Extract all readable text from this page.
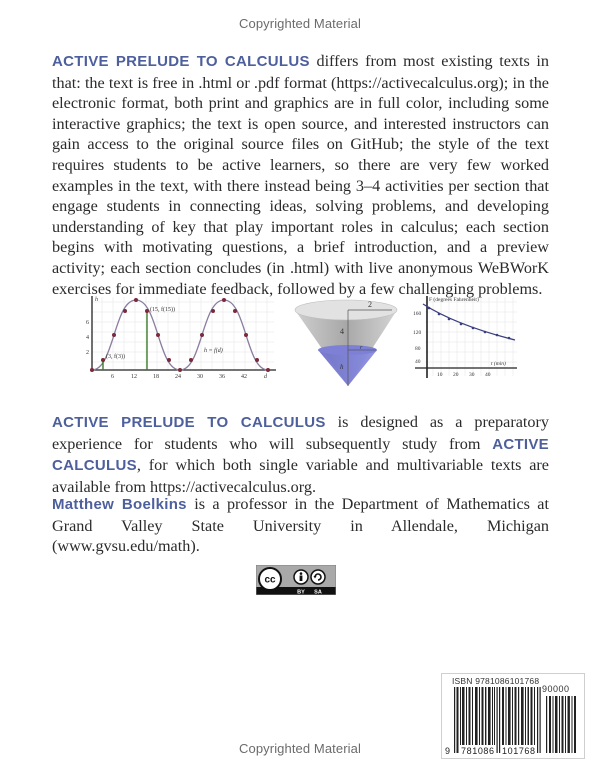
Copyrighted Material
ACTIVE PRELUDE TO CALCULUS differs from most existing texts in that: the text is free in .html or .pdf format (https://activecalculus.org); in the electronic format, both print and graphics are in full color, including some interactive graphics; the text is open source, and interested instructors can gain access to the original source files on GitHub; the style of the text requires students to be active learners, so there are very few worked examples in the text, with there instead being 3–4 activities per section that engage students in connecting ideas, solving problems, and developing understanding of key that play important roles in calculus; each section begins with motivating questions, a brief introduction, and a preview activity; each section concludes (in .html) with live anonymous WeBWorK exercises for immediate feedback, followed by a few challenging problems.
h
2
4
6
6	12	18	24	30	36	42	d
(3, f(3))
(15, f(15))
h = f(d)
2
4
r
h
F (degrees Fahrenheit)
160
120
80
40
10 20 30 40
t (min)
ACTIVE PRELUDE TO CALCULUS is designed as a preparatory experience for students who will subsequently study from ACTIVE CALCULUS, for which both single variable and multivariable texts are available from https://activecalculus.org.
Matthew Boelkins is a professor in the Department of Mathematics at Grand Valley State University in Allendale, Michigan (www.gvsu.edu/math).
cc
BY SA
ISBN 9781086101768
90000
9 781086 101768
Copyrighted Material
